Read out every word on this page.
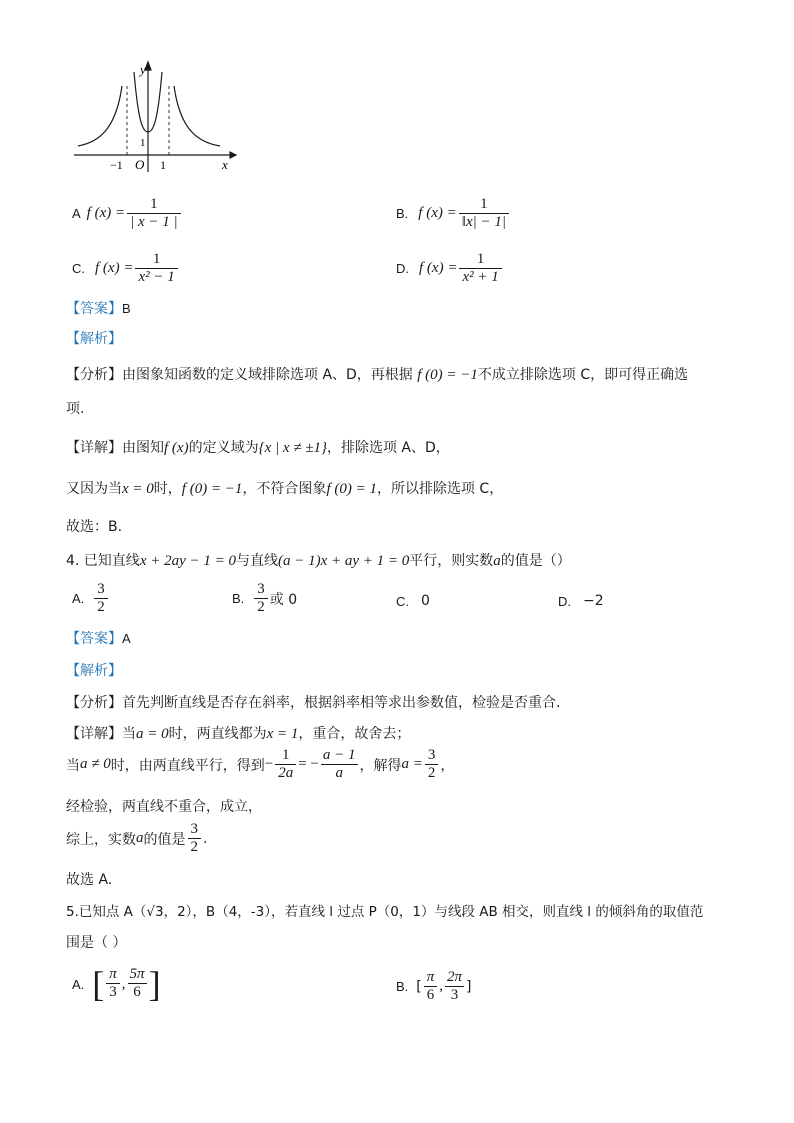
y
x
O
−1	1
1
A f $(x) = \frac{1}{| x - 1 |}$	B. f $(x) = \frac{1}{‖x| - 1|}$
C. f $(x) = \frac{1}{\text{x² − 1}}$	D. f $(x) = \frac{1}{\text{x² + 1}}$
【答案】B
【解析】
【分析】由图象知函数的定义域排除选项 A、D，再根据 f (0) = −1不成立排除选项 C，即可得正确选
项.
【详解】由图知f (x)的定义域为{x | x ≠ ±1}，排除选项 A、D，
又因为当x = 0时，f (0) = −1，不符合图象f (0) = 1，所以排除选项 C，
故选：B.
4. 已知直线x + 2ay − 1 = 0与直线(a − 1)x + ay + 1 = 0平行，则实数a的值是（）
A. $\frac{3}{2}$	B. $\frac{3}{2}$ 或 0	C. 0	D. −2
【答案】A
【解析】
【分析】首先判断直线是否存在斜率，根据斜率相等求出参数值，检验是否重合.
【详解】当a = 0时，两直线都为x = 1，重合，故舍去；
当 a ≠ 0 时，由两直线平行，得到 − $\frac{1}{2a}$ = − $\frac{a - 1}{a}$ ，解得 $a = \frac{3}{2}$ ，
经检验，两直线不重合，成立，
综上，实数 a 的值是 $\frac{3}{2}$ .
故选 A.
5.已知点 A（√3，2），B（4，-3），若直线 l 过点 P（0，1）与线段 AB 相交，则直线 l 的倾斜角的取值范
围是（ ）
A. [ $\frac{\pi}{3}$ , $\frac{5\pi}{6}$ ]	B. [ $\frac{\pi}{6}$ , $\frac{2\pi}{3}$ ]
